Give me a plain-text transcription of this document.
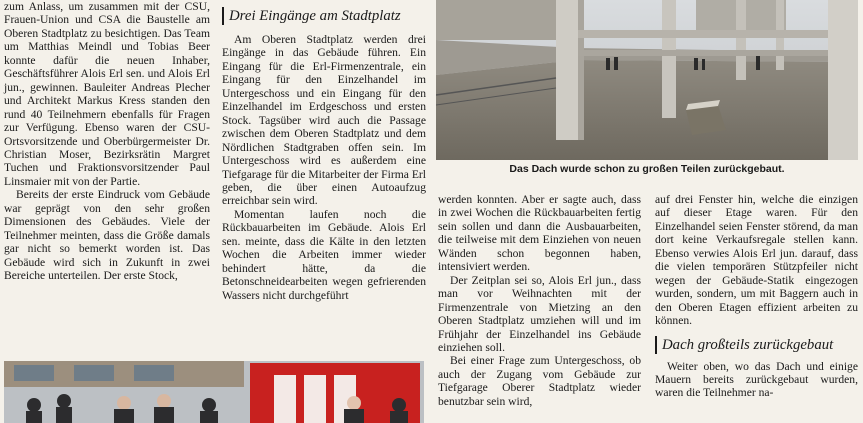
zum Anlass, um zusammen mit der CSU, Frauen-Union und CSA die Baustelle am Oberen Stadtplatz zu besichtigen. Das Team um Matthias Meindl und Tobias Beer konnte dafür die neuen Inhaber, Geschäftsführer Alois Erl sen. und Alois Erl jun., gewinnen. Bauleiter Andreas Plecher und Architekt Markus Kress standen den rund 40 Teilnehmern ebenfalls für Fragen zur Verfügung. Ebenso waren der CSU-Ortsvorsitzende und Oberbürgermeister Dr. Christian Moser, Bezirksrätin Margret Tuchen und Fraktionsvorsitzender Paul Linsmaier mit von der Partie.

Bereits der erste Eindruck vom Gebäude war geprägt von den sehr großen Dimensionen des Gebäudes. Viele der Teilnehmer meinten, dass die Größe damals gar nicht so bemerkt worden ist. Das Gebäude wird sich in Zukunft in zwei Bereiche unterteilen. Der erste Stock,

Drei Eingänge am Stadtplatz

Am Oberen Stadtplatz werden drei Eingänge in das Gebäude führen. Ein Eingang für die Erl-Firmenzentrale, ein Eingang für den Einzelhandel im Untergeschoss und ein Eingang für den Einzelhandel im Erdgeschoss und ersten Stock. Tagsüber wird auch die Passage zwischen dem Oberen Stadtplatz und dem Nördlichen Stadtgraben offen sein. Im Untergeschoss wird es außerdem eine Tiefgarage für die Mitarbeiter der Firma Erl geben, die über einen Autoaufzug erreichbar sein wird.

Momentan laufen noch die Rückbauarbeiten im Gebäude. Alois Erl sen. meinte, dass die Kälte in den letzten Wochen die Arbeiten immer wieder behindert hätte, da die Betonschneidearbeiten wegen gefrierenden Wassers nicht durchgeführt

Das Dach wurde schon zu großen Teilen zurückgebaut.

werden konnten. Aber er sagte auch, dass in zwei Wochen die Rückbauarbeiten fertig sein sollen und dann die Ausbauarbeiten, die teilweise mit dem Einziehen von neuen Wänden schon begonnen haben, intensiviert werden.

Der Zeitplan sei so, Alois Erl jun., dass man vor Weihnachten mit der Firmenzentrale von Mietzing an den Oberen Stadtplatz umziehen will und im Frühjahr der Einzelhandel ins Gebäude einziehen soll.

Bei einer Frage zum Untergeschoss, ob auch der Zugang vom Gebäude zur Tiefgarage Oberer Stadtplatz wieder benutzbar sein wird,

auf drei Fenster hin, welche die einzigen auf dieser Etage waren. Für den Einzelhandel seien Fenster störend, da man dort keine Verkaufsregale stellen kann. Ebenso verwies Alois Erl jun. darauf, dass die vielen temporären Stützpfeiler nicht wegen der Gebäude-Statik eingezogen wurden, sondern, um mit Baggern auch in den Oberen Etagen effizient arbeiten zu können.

Dach großteils zurückgebaut

Weiter oben, wo das Dach und einige Mauern bereits zurückgebaut wurden, waren die Teilnehmer na-
